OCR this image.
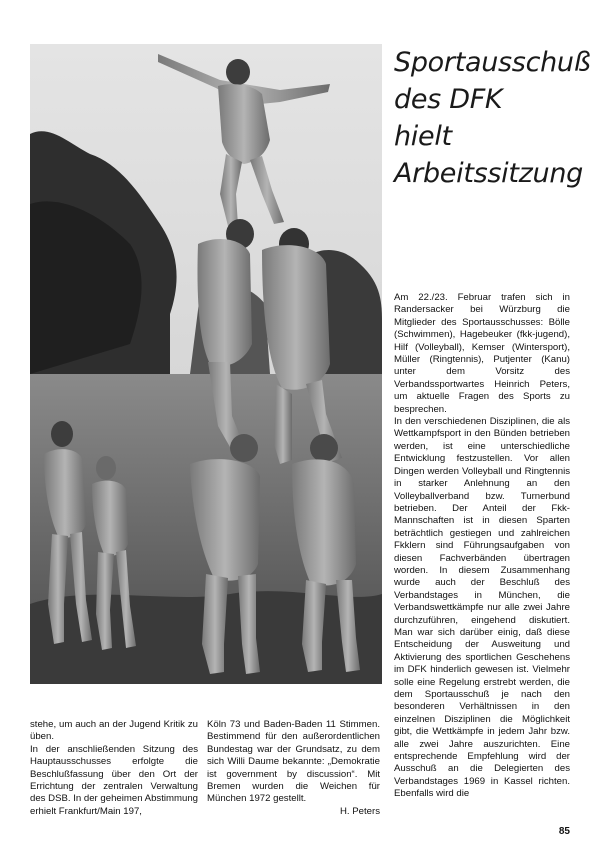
Sportausschuß
des DFK
hielt
Arbeitssitzung

Am 22./23. Februar trafen sich in Randersacker bei Würzburg die Mitglieder des Sportausschusses: Bölle (Schwimmen), Hagebeuker (fkk-jugend), Hilf (Volleyball), Kemser (Wintersport), Müller (Ringtennis), Putjenter (Kanu) unter dem Vorsitz des Verbandssportwartes Heinrich Peters, um aktuelle Fragen des Sports zu besprechen.

In den verschiedenen Disziplinen, die als Wettkampfsport in den Bünden betrieben werden, ist eine unterschiedliche Entwicklung festzustellen. Vor allen Dingen werden Volleyball und Ringtennis in starker Anlehnung an den Volleyballverband bzw. Turnerbund betrieben. Der Anteil der Fkk-Mannschaften ist in diesen Sparten beträchtlich gestiegen und zahlreichen Fkklern sind Führungsaufgaben von diesen Fachverbänden übertragen worden. In diesem Zusammenhang wurde auch der Beschluß des Verbandstages in München, die Verbandswettkämpfe nur alle zwei Jahre durchzuführen, eingehend diskutiert. Man war sich darüber einig, daß diese Entscheidung der Ausweitung und Aktivierung des sportlichen Geschehens im DFK hinderlich gewesen ist. Vielmehr solle eine Regelung erstrebt werden, die dem Sportausschuß je nach den besonderen Verhältnissen in den einzelnen Disziplinen die Möglichkeit gibt, die Wettkämpfe in jedem Jahr bzw. alle zwei Jahre auszurichten. Eine entsprechende Empfehlung wird der Ausschuß an die Delegierten des Verbandstages 1969 in Kassel richten. Ebenfalls wird die

stehe, um auch an der Jugend Kritik zu üben.

In der anschließenden Sitzung des Hauptausschusses erfolgte die Beschlußfassung über den Ort der Errichtung der zentralen Verwaltung des DSB. In der geheimen Abstimmung erhielt Frankfurt/Main 197,

Köln 73 und Baden-Baden 11 Stimmen. Bestimmend für den außerordentlichen Bundestag war der Grundsatz, zu dem sich Willi Daume bekannte: „Demokratie ist government by discussion“. Mit Bremen wurden die Weichen für München 1972 gestellt.

H. Peters
85
